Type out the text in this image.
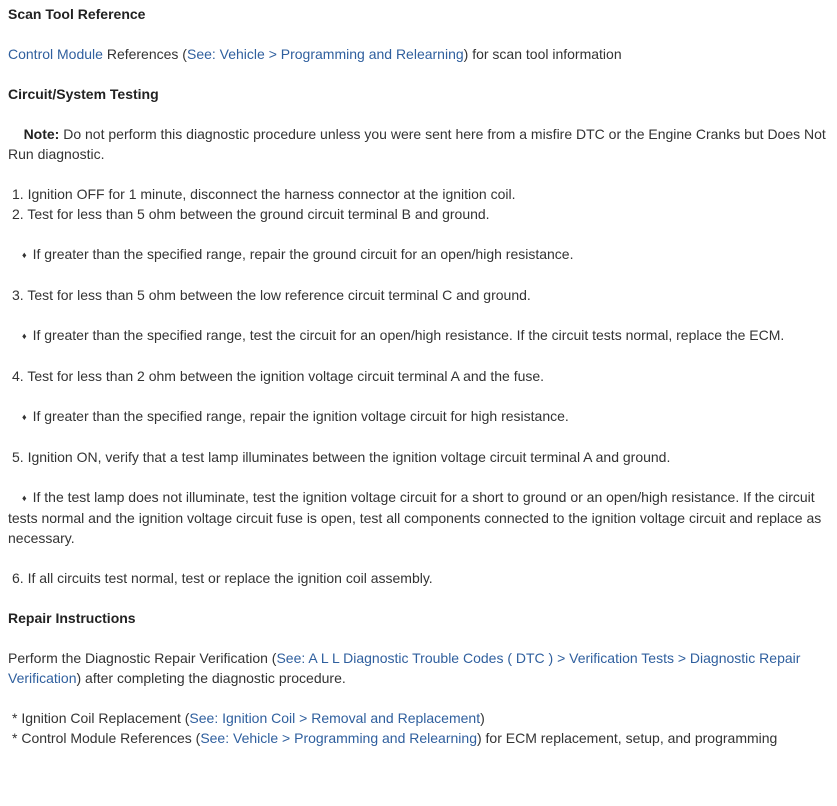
Scan Tool Reference

Control Module References (See: Vehicle > Programming and Relearning) for scan tool information

Circuit/System Testing

Note: Do not perform this diagnostic procedure unless you were sent here from a misfire DTC or the Engine Cranks but Does Not Run diagnostic.

1. Ignition OFF for 1 minute, disconnect the harness connector at the ignition coil.

2. Test for less than 5 ohm between the ground circuit terminal B and ground.

♦ If greater than the specified range, repair the ground circuit for an open/high resistance.

3. Test for less than 5 ohm between the low reference circuit terminal C and ground.

♦ If greater than the specified range, test the circuit for an open/high resistance. If the circuit tests normal, replace the ECM.

4. Test for less than 2 ohm between the ignition voltage circuit terminal A and the fuse.

♦ If greater than the specified range, repair the ignition voltage circuit for high resistance.

5. Ignition ON, verify that a test lamp illuminates between the ignition voltage circuit terminal A and ground.

♦ If the test lamp does not illuminate, test the ignition voltage circuit for a short to ground or an open/high resistance. If the circuit tests normal and the ignition voltage circuit fuse is open, test all components connected to the ignition voltage circuit and replace as necessary.

6. If all circuits test normal, test or replace the ignition coil assembly.

Repair Instructions

Perform the Diagnostic Repair Verification (See: A L L Diagnostic Trouble Codes ( DTC ) > Verification Tests > Diagnostic Repair Verification) after completing the diagnostic procedure.

* Ignition Coil Replacement (See: Ignition Coil > Removal and Replacement)

* Control Module References (See: Vehicle > Programming and Relearning) for ECM replacement, setup, and programming
